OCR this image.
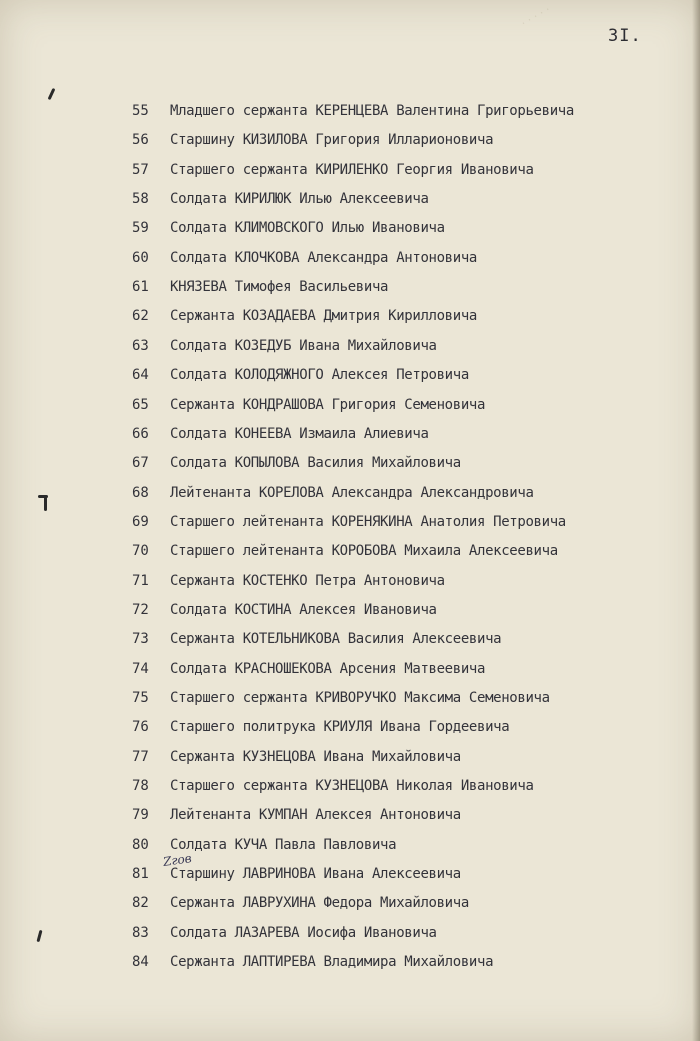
· · · · ·
3I.
55	Младшего сержанта КЕРЕНЦЕВА Валентина Григорьевича
56	Старшину КИЗИЛОВА Григория Илларионовича
57	Старшего сержанта КИРИЛЕНКО Георгия Ивановича
58	Солдата КИРИЛЮК Илью Алексеевича
59	Солдата КЛИМОВСКОГО Илью Ивановича
60	Солдата КЛОЧКОВА Александра Антоновича
61	КНЯЗЕВА Тимофея Васильевича
62	Сержанта КОЗАДАЕВА Дмитрия Кирилловича
63	Солдата КОЗЕДУБ Ивана Михайловича
64	Солдата КОЛОДЯЖНОГО Алексея Петровича
65	Сержанта КОНДРАШОВА Григория Семеновича
66	Солдата КОНЕЕВА Измаила Алиевича
67	Солдата КОПЫЛОВА Василия Михайловича
68	Лейтенанта КОРЕЛОВА Александра Александровича
69	Старшего лейтенанта КОРЕНЯКИНА Анатолия Петровича
70	Старшего лейтенанта КОРОБОВА Михаила Алексеевича
71	Сержанта КОСТЕНКО Петра Антоновича
72	Солдата КОСТИНА Алексея Ивановича
73	Сержанта КОТЕЛЬНИКОВА Василия Алексеевича
74	Солдата КРАСНОШЕКОВА Арсения Матвеевича
75	Старшего сержанта КРИВОРУЧКО Максима Семеновича
76	Старшего политрука КРИУЛЯ Ивана Гордеевича
77	Сержанта КУЗНЕЦОВА Ивана Михайловича
78	Старшего сержанта КУЗНЕЦОВА Николая Ивановича
79	Лейтенанта КУМПАН Алексея Антоновича
80	Солдата КУЧА Павла Павловича
81	Старшину ЛАВРИНОВА Ивана Алексеевича
82	Сержанта ЛАВРУХИНА Федора Михайловича
83	Солдата ЛАЗАРЕВА Иосифа Ивановича
84	Сержанта ЛАПТИРЕВА Владимира Михайловича
Zгов
